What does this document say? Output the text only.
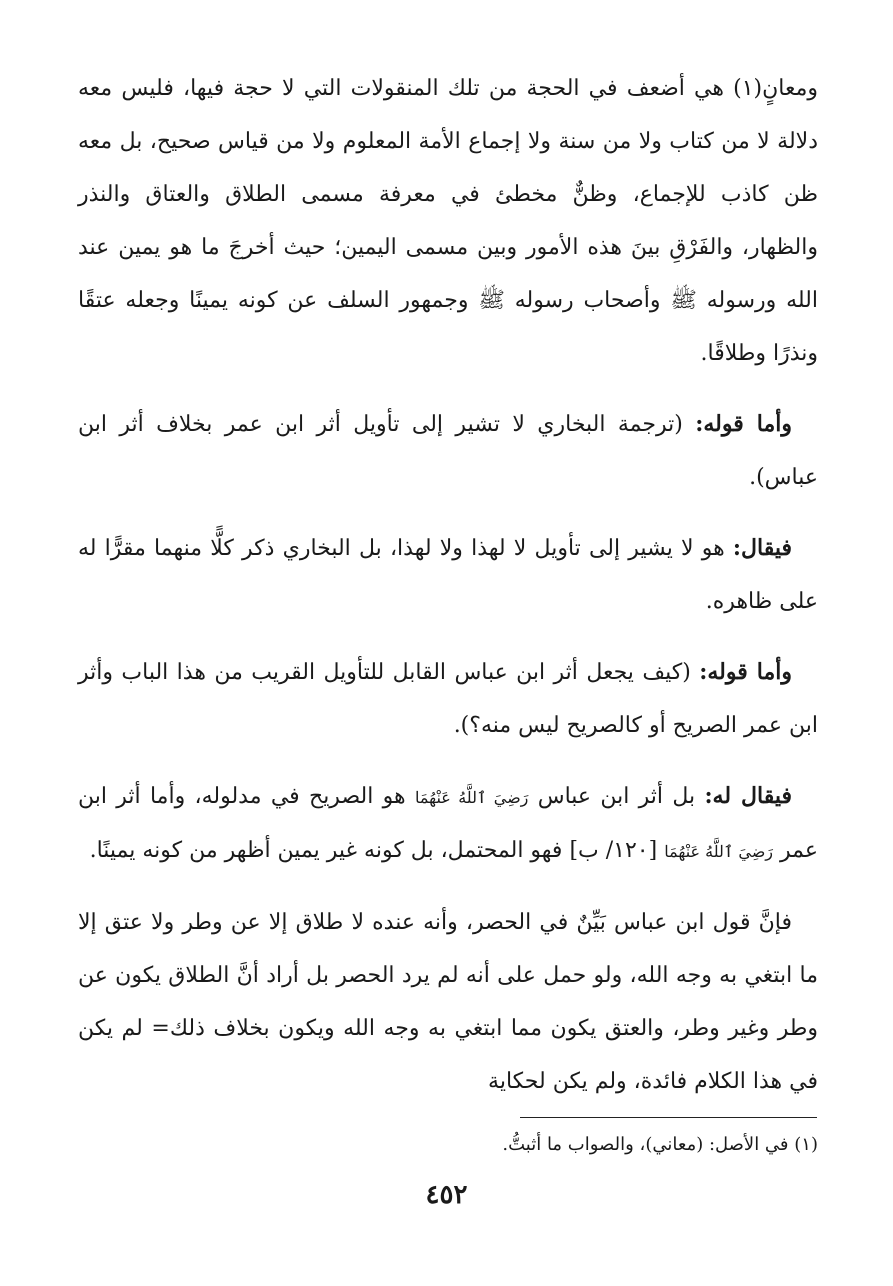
ومعانٍ(١) هي أضعف في الحجة من تلك المنقولات التي لا حجة فيها، فليس معه دلالة لا من كتاب ولا من سنة ولا إجماع الأمة المعلوم ولا من قياس صحيح، بل معه ظن كاذب للإجماع، وظنٌّ مخطئ في معرفة مسمى الطلاق والعتاق والنذر والظهار، والفَرْقِ بينَ هذه الأمور وبين مسمى اليمين؛ حيث أخرجَ ما هو يمين عند الله ورسوله ﷺ وأصحاب رسوله ﷺ وجمهور السلف عن كونه يمينًا وجعله عتقًا ونذرًا وطلاقًا.

وأما قوله: (ترجمة البخاري لا تشير إلى تأويل أثر ابن عمر بخلاف أثر ابن عباس).

فيقال: هو لا يشير إلى تأويل لا لهذا ولا لهذا، بل البخاري ذكر كلًّا منهما مقرًّا له على ظاهره.

وأما قوله: (كيف يجعل أثر ابن عباس القابل للتأويل القريب من هذا الباب وأثر ابن عمر الصريح أو كالصريح ليس منه؟).

فيقال له: بل أثر ابن عباس رَضِيَ ٱللَّهُ عَنْهُمَا هو الصريح في مدلوله، وأما أثر ابن عمر رَضِيَ ٱللَّهُ عَنْهُمَا [١٢٠/ ب] فهو المحتمل، بل كونه غير يمين أظهر من كونه يمينًا.

فإنَّ قول ابن عباس بَيِّنٌ في الحصر، وأنه عنده لا طلاق إلا عن وطر ولا عتق إلا ما ابتغي به وجه الله، ولو حمل على أنه لم يرد الحصر بل أراد أنَّ الطلاق يكون عن وطر وغير وطر، والعتق يكون مما ابتغي به وجه الله ويكون بخلاف ذلك= لم يكن في هذا الكلام فائدة، ولم يكن لحكاية

(١) في الأصل: (معاني)، والصواب ما أثبتُّ.
٤٥٢
